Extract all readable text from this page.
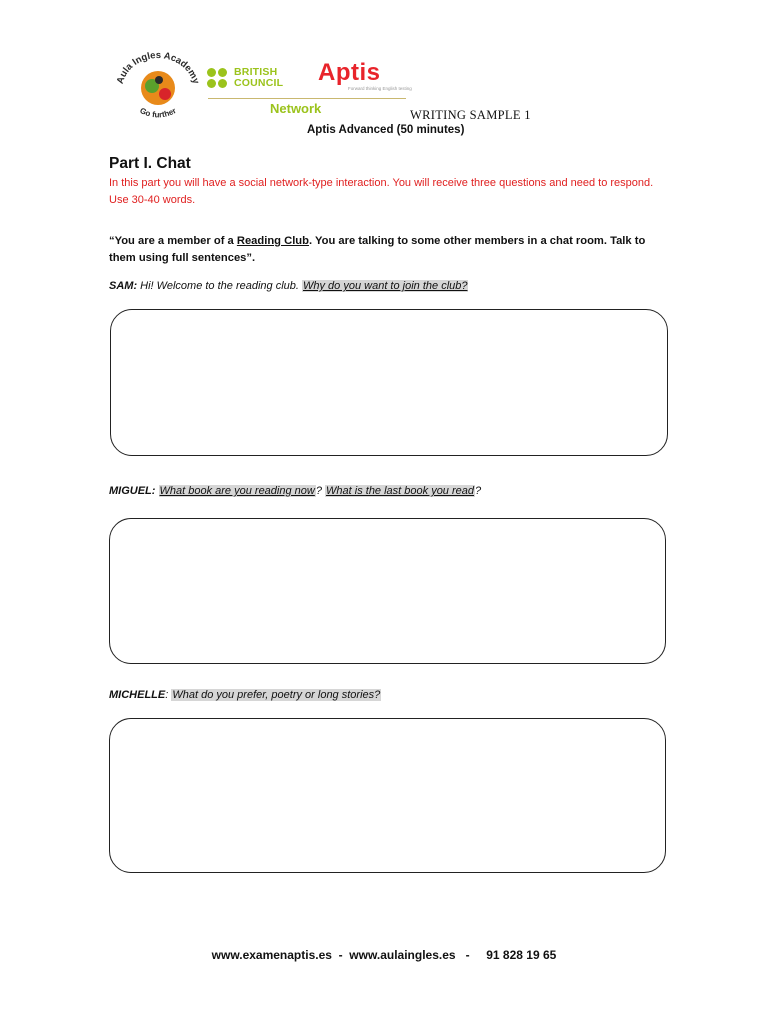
Aula Ingles Academy
Go further
BRITISH
COUNCIL Aptis
Forward thinking English testing
Network	WRITING SAMPLE 1
Aptis Advanced (50 minutes)
Part I. Chat
In this part you will have a social network-type interaction. You will receive three questions and need to respond. Use 30-40 words.
“You are a member of a Reading Club. You are talking to some other members in a chat room. Talk to them using full sentences”.
SAM: Hi! Welcome to the reading club. Why do you want to join the club?
MIGUEL: What book are you reading now? What is the last book you read?
MICHELLE: What do you prefer, poetry or long stories?
www.examenaptis.es  -  www.aulaingles.es   -     91 828 19 65
